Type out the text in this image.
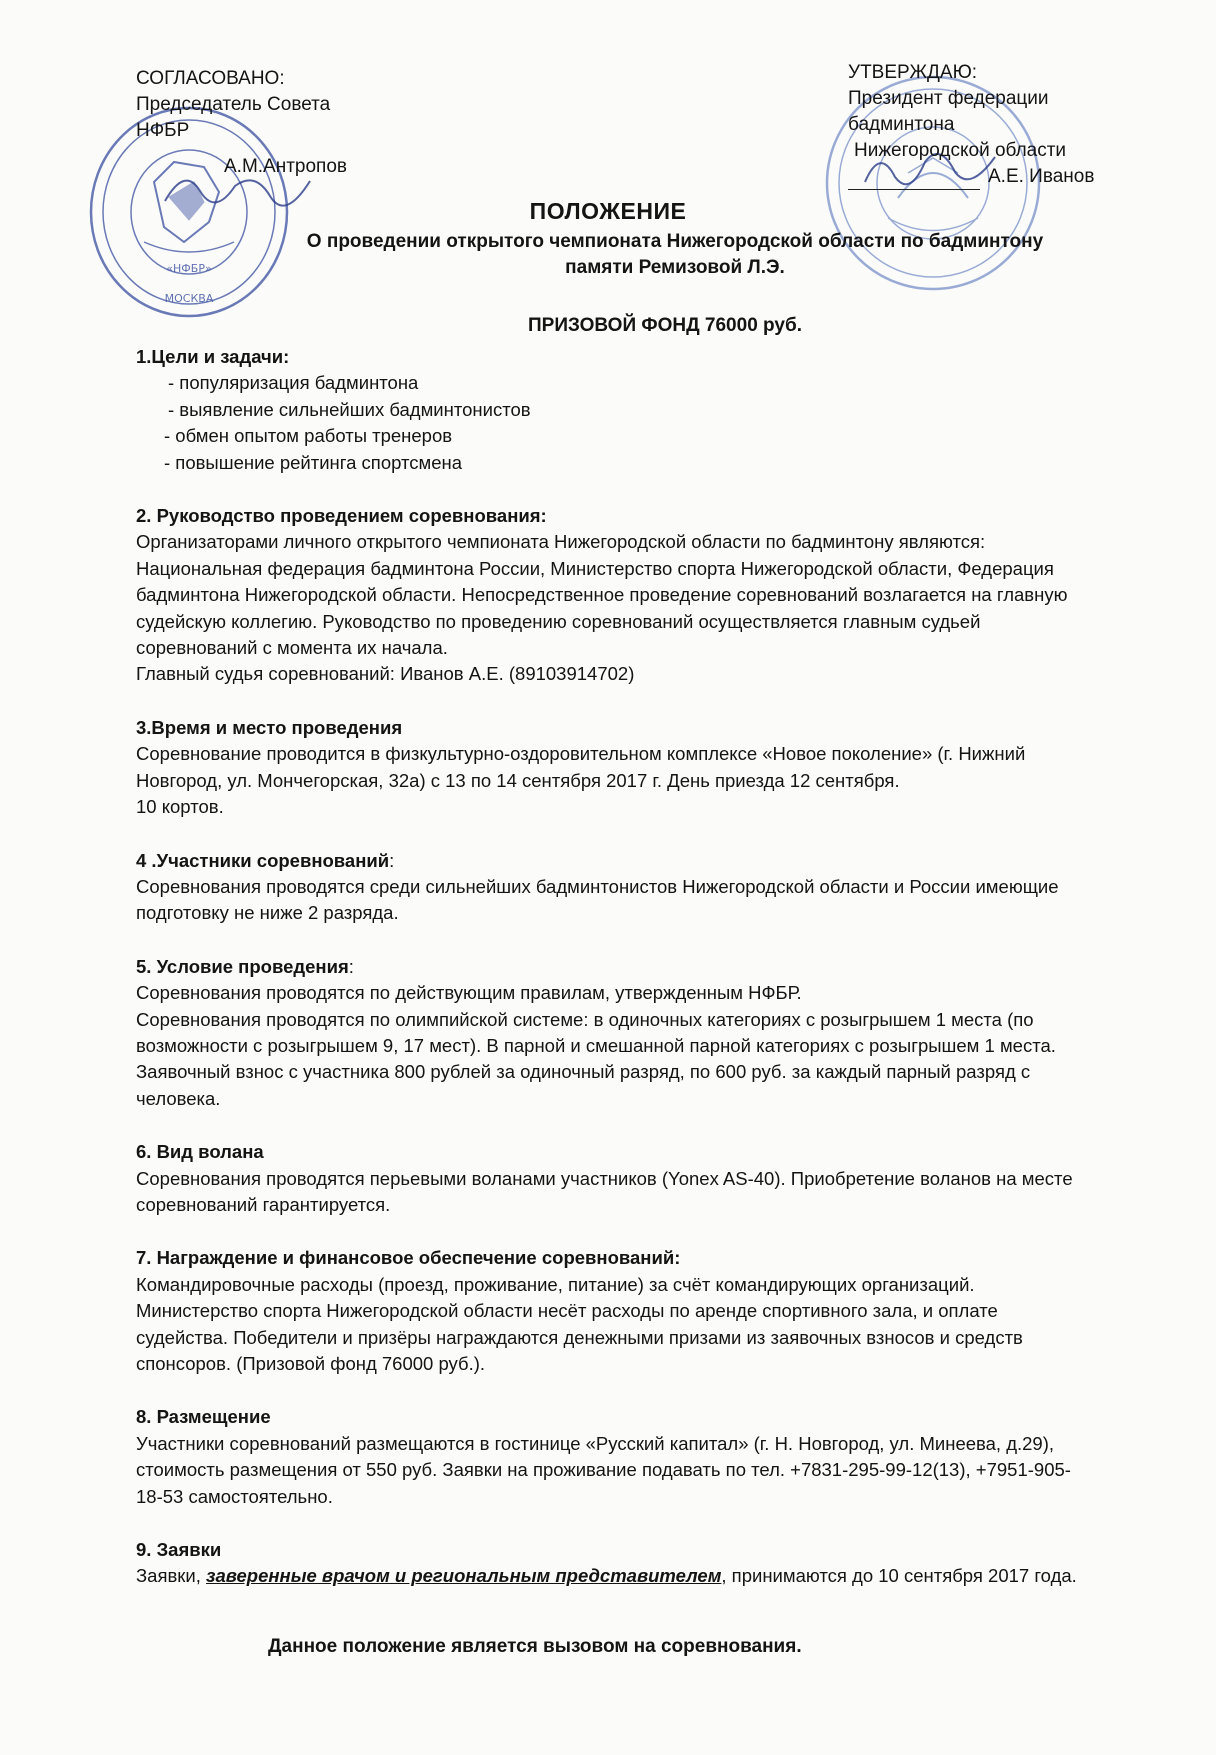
«НФБР»
МОСКВА
СОГЛАСОВАНО:
Председатель Совета
НФБР
А.М.Антропов
УТВЕРЖДАЮ:
Президент федерации
бадминтона
Нижегородской области
А.Е. Иванов
ПОЛОЖЕНИЕ
О проведении открытого чемпионата Нижегородской области по бадминтону
памяти Ремизовой Л.Э.
ПРИЗОВОЙ ФОНД 76000 руб.
1.Цели и задачи:
- популяризация бадминтона
- выявление сильнейших бадминтонистов
- обмен опытом работы тренеров
- повышение рейтинга спортсмена
2. Руководство проведением соревнования:
Организаторами личного открытого чемпионата Нижегородской области по бадминтону являются:
Национальная федерация бадминтона России, Министерство спорта Нижегородской области, Федерация
бадминтона Нижегородской области. Непосредственное проведение соревнований возлагается на главную
судейскую коллегию. Руководство по проведению соревнований осуществляется главным судьей
соревнований с момента их начала.
Главный судья соревнований: Иванов А.Е. (89103914702)
3.Время и место проведения
Соревнование проводится в физкультурно-оздоровительном комплексе «Новое поколение» (г. Нижний
Новгород, ул. Мончегорская, 32а) с 13 по 14 сентября 2017 г. День приезда 12 сентября.
10 кортов.
4 .Участники соревнований:
Соревнования проводятся среди сильнейших бадминтонистов Нижегородской области и России имеющие
подготовку не ниже 2 разряда.
5. Условие проведения:
Соревнования проводятся по действующим правилам, утвержденным НФБР.
Соревнования проводятся по олимпийской системе: в одиночных категориях с розыгрышем 1 места (по
возможности с розыгрышем 9, 17 мест). В парной и смешанной парной категориях с розыгрышем 1 места.
Заявочный взнос с участника 800 рублей за одиночный разряд, по 600 руб. за каждый парный разряд с
человека.
6. Вид волана
Соревнования проводятся перьевыми воланами участников (Yonex AS-40). Приобретение воланов на месте
соревнований гарантируется.
7. Награждение и финансовое обеспечение соревнований:
Командировочные расходы (проезд, проживание, питание) за счёт командирующих организаций.
Министерство спорта Нижегородской области несёт расходы по аренде спортивного зала, и оплате
судейства. Победители и призёры награждаются денежными призами из заявочных взносов и средств
спонсоров. (Призовой фонд 76000 руб.).
8. Размещение
Участники соревнований размещаются в гостинице «Русский капитал» (г. Н. Новгород, ул. Минеева, д.29),
стоимость размещения от 550 руб. Заявки на проживание подавать по тел. +7831-295-99-12(13), +7951-905-
18-53 самостоятельно.
9. Заявки
Заявки, заверенные врачом и региональным представителем, принимаются до 10 сентября 2017 года.
Данное положение является вызовом на соревнования.
